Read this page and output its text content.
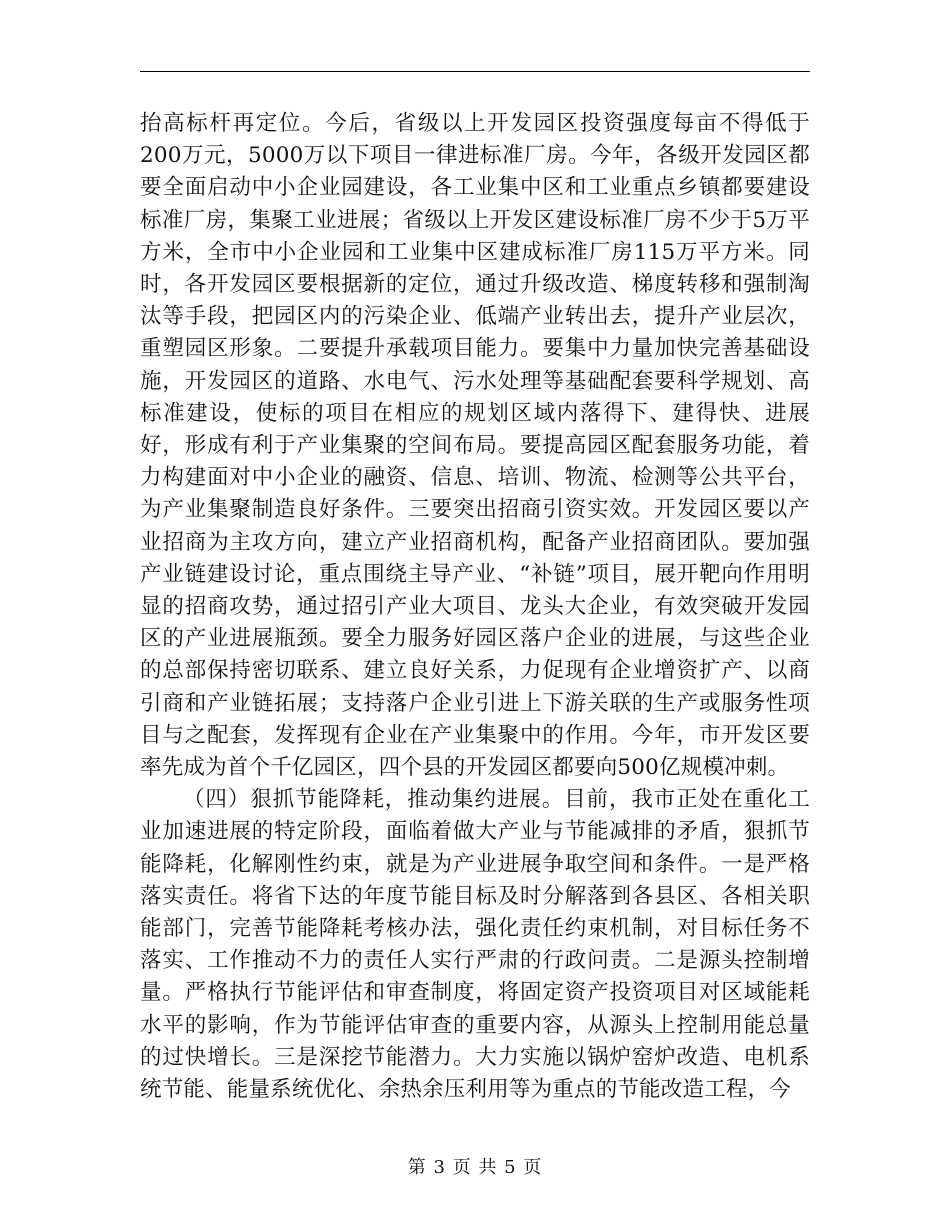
抬高标杆再定位。今后，省级以上开发园区投资强度每亩不得低于200万元，5000万以下项目一律进标准厂房。今年，各级开发园区都要全面启动中小企业园建设，各工业集中区和工业重点乡镇都要建设标准厂房，集聚工业进展；省级以上开发区建设标准厂房不少于5万平方米，全市中小企业园和工业集中区建成标准厂房115万平方米。同时，各开发园区要根据新的定位，通过升级改造、梯度转移和强制淘汰等手段，把园区内的污染企业、低端产业转出去，提升产业层次，重塑园区形象。二要提升承载项目能力。要集中力量加快完善基础设施，开发园区的道路、水电气、污水处理等基础配套要科学规划、高标准建设，使标的项目在相应的规划区域内落得下、建得快、进展好，形成有利于产业集聚的空间布局。要提高园区配套服务功能，着力构建面对中小企业的融资、信息、培训、物流、检测等公共平台，为产业集聚制造良好条件。三要突出招商引资实效。开发园区要以产业招商为主攻方向，建立产业招商机构，配备产业招商团队。要加强产业链建设讨论，重点围绕主导产业、“补链”项目，展开靶向作用明显的招商攻势，通过招引产业大项目、龙头大企业，有效突破开发园区的产业进展瓶颈。要全力服务好园区落户企业的进展，与这些企业的总部保持密切联系、建立良好关系，力促现有企业增资扩产、以商引商和产业链拓展；支持落户企业引进上下游关联的生产或服务性项目与之配套，发挥现有企业在产业集聚中的作用。今年，市开发区要率先成为首个千亿园区，四个县的开发园区都要向500亿规模冲刺。

（四）狠抓节能降耗，推动集约进展。目前，我市正处在重化工业加速进展的特定阶段，面临着做大产业与节能减排的矛盾，狠抓节能降耗，化解刚性约束，就是为产业进展争取空间和条件。一是严格落实责任。将省下达的年度节能目标及时分解落到各县区、各相关职能部门，完善节能降耗考核办法，强化责任约束机制，对目标任务不落实、工作推动不力的责任人实行严肃的行政问责。二是源头控制增量。严格执行节能评估和审查制度，将固定资产投资项目对区域能耗水平的影响，作为节能评估审查的重要内容，从源头上控制用能总量的过快增长。三是深挖节能潜力。大力实施以锅炉窑炉改造、电机系统节能、能量系统优化、余热余压利用等为重点的节能改造工程，今

第 3 页 共 5 页
